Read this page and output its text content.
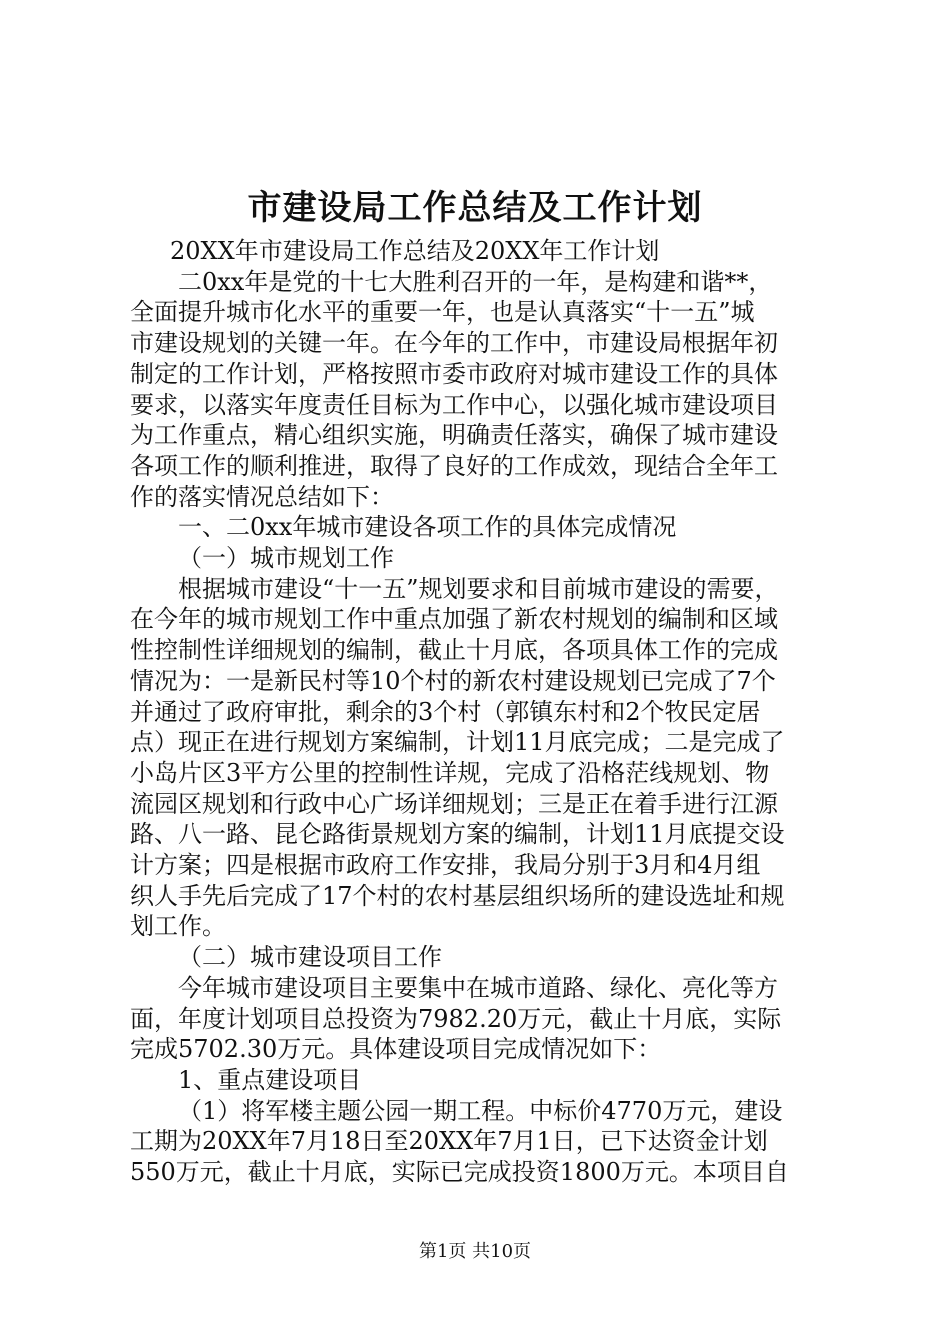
市建设局工作总结及工作计划

20XX年市建设局工作总结及20XX年工作计划

二0xx年是党的十七大胜利召开的一年，是构建和谐**，

全面提升城市化水平的重要一年，也是认真落实“十一五”城

市建设规划的关键一年。在今年的工作中，市建设局根据年初

制定的工作计划，严格按照市委市政府对城市建设工作的具体

要求，以落实年度责任目标为工作中心，以强化城市建设项目

为工作重点，精心组织实施，明确责任落实，确保了城市建设

各项工作的顺利推进，取得了良好的工作成效，现结合全年工

作的落实情况总结如下：

一、二0xx年城市建设各项工作的具体完成情况

（一）城市规划工作

根据城市建设“十一五”规划要求和目前城市建设的需要，

在今年的城市规划工作中重点加强了新农村规划的编制和区域

性控制性详细规划的编制，截止十月底，各项具体工作的完成

情况为：一是新民村等10个村的新农村建设规划已完成了7个

并通过了政府审批，剩余的3个村（郭镇东村和2个牧民定居

点）现正在进行规划方案编制，计划11月底完成；二是完成了

小岛片区3平方公里的控制性详规，完成了沿格茫线规划、物

流园区规划和行政中心广场详细规划；三是正在着手进行江源

路、八一路、昆仑路街景规划方案的编制，计划11月底提交设

计方案；四是根据市政府工作安排，我局分别于3月和4月组

织人手先后完成了17个村的农村基层组织场所的建设选址和规

划工作。

（二）城市建设项目工作

今年城市建设项目主要集中在城市道路、绿化、亮化等方

面，年度计划项目总投资为7982.20万元，截止十月底，实际

完成5702.30万元。具体建设项目完成情况如下：

1、重点建设项目

（1）将军楼主题公园一期工程。中标价4770万元，建设

工期为20XX年7月18日至20XX年7月1日，已下达资金计划

550万元，截止十月底，实际已完成投资1800万元。本项目自

第1页 共10页
